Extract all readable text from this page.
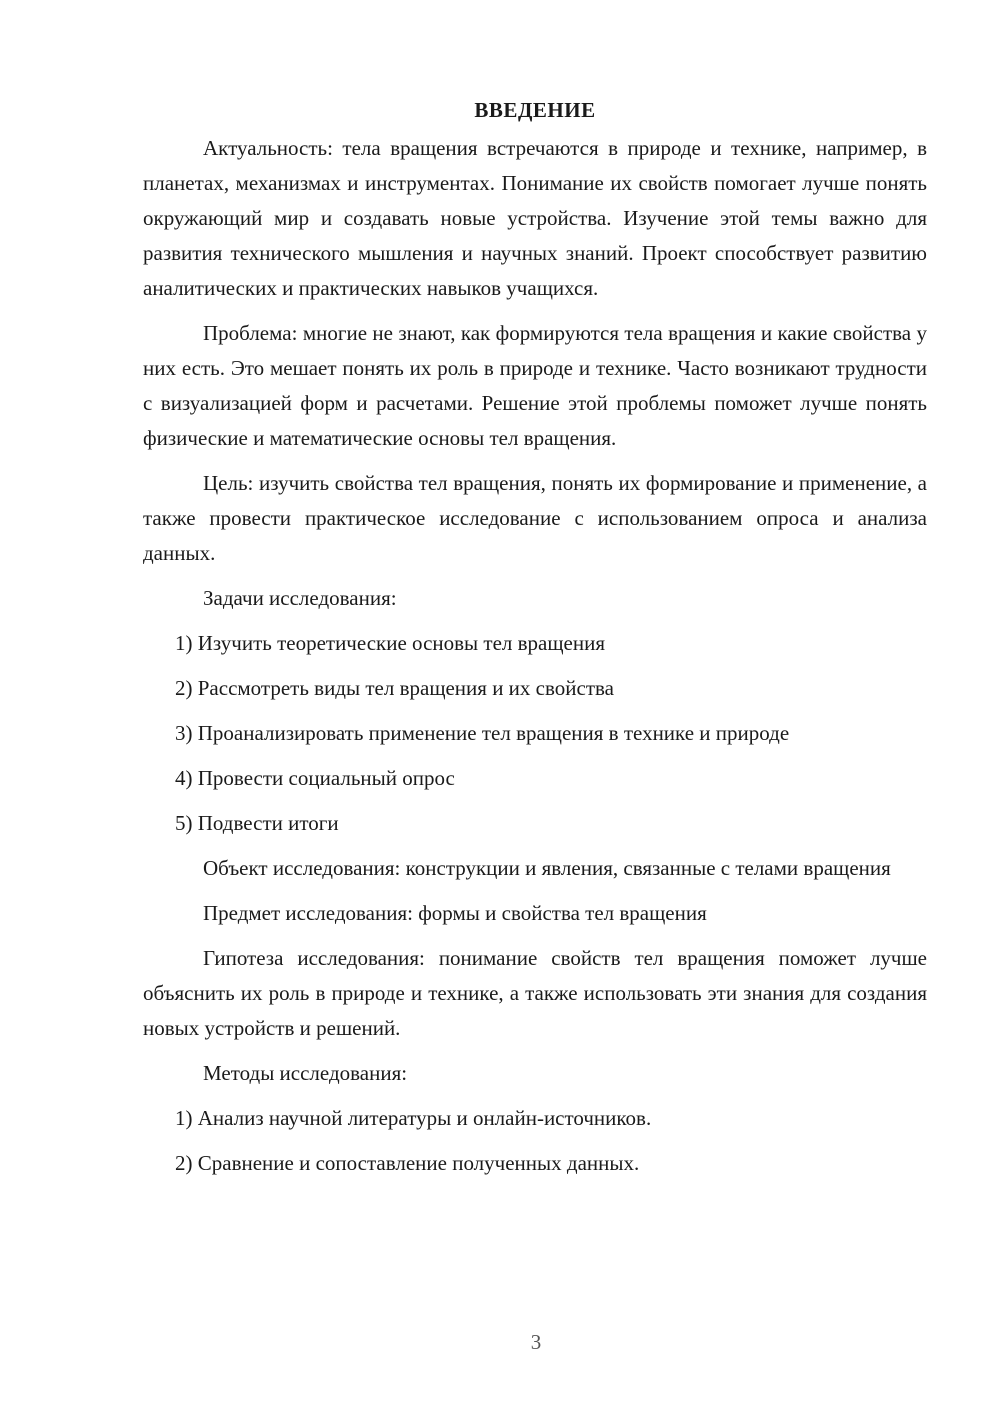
ВВЕДЕНИЕ

Актуальность: тела вращения встречаются в природе и технике, например, в планетах, механизмах и инструментах. Понимание их свойств помогает лучше понять окружающий мир и создавать новые устройства. Изучение этой темы важно для развития технического мышления и научных знаний. Проект способствует развитию аналитических и практических навыков учащихся.

Проблема: многие не знают, как формируются тела вращения и какие свойства у них есть. Это мешает понять их роль в природе и технике. Часто возникают трудности с визуализацией форм и расчетами. Решение этой проблемы поможет лучше понять физические и математические основы тел вращения.

Цель: изучить свойства тел вращения, понять их формирование и применение, а также провести практическое исследование с использованием опроса и анализа данных.

Задачи исследования:

1) Изучить теоретические основы тел вращения

2) Рассмотреть виды тел вращения и их свойства

3) Проанализировать применение тел вращения в технике и природе

4) Провести социальный опрос

5) Подвести итоги

Объект исследования: конструкции и явления, связанные с телами вращения

Предмет исследования: формы и свойства тел вращения

Гипотеза исследования: понимание свойств тел вращения поможет лучше объяснить их роль в природе и технике, а также использовать эти знания для создания новых устройств и решений.

Методы исследования:

1) Анализ научной литературы и онлайн-источников.

2) Сравнение и сопоставление полученных данных.

3
